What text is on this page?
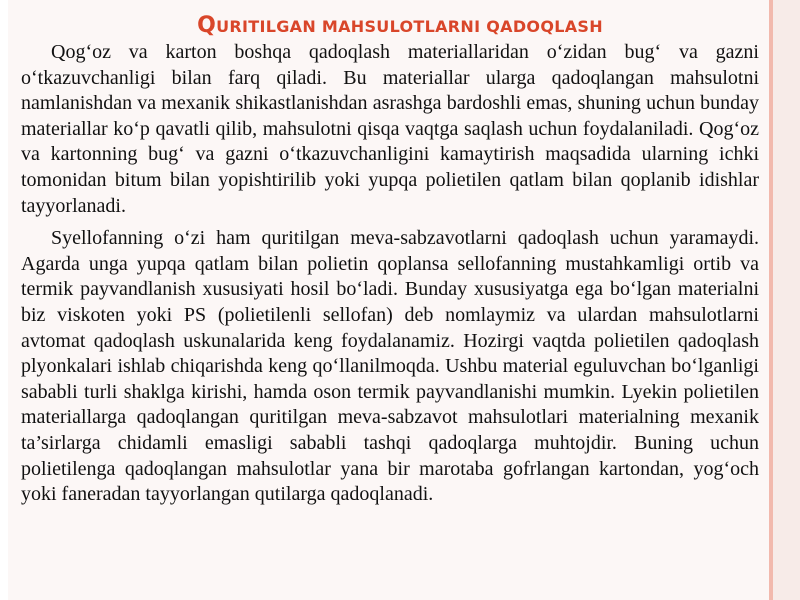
QURITILGAN MAHSULOTLARNI QADOQLASH

Qog‘oz va karton boshqa qadoqlash materiallaridan o‘zidan bug‘ va gazni o‘tkazuvchanligi bilan farq qiladi. Bu materiallar ularga qadoqlangan mahsulotni namlanishdan va mexanik shikastlanishdan asrashga bardoshli emas, shuning uchun bunday materiallar ko‘p qavatli qilib, mahsulotni qisqa vaqtga saqlash uchun foydalaniladi. Qog‘oz va kartonning bug‘ va gazni o‘tkazuvchanligini kamaytirish maqsadida ularning ichki tomonidan bitum bilan yopishtirilib yoki yupqa polietilen qatlam bilan qoplanib idishlar tayyorlanadi.

Syellofanning o‘zi ham quritilgan meva-sabzavotlarni qadoqlash uchun yaramaydi. Agarda unga yupqa qatlam bilan polietin qoplansa sellofanning mustahkamligi ortib va termik payvandlanish xususiyati hosil bo‘ladi. Bunday xususiyatga ega bo‘lgan materialni biz viskoten yoki PS (polietilenli sellofan) deb nomlaymiz va ulardan mahsulotlarni avtomat qadoqlash uskunalarida keng foydalanamiz. Hozirgi vaqtda polietilen qadoqlash plyonkalari ishlab chiqarishda keng qo‘llanilmoqda. Ushbu material eguluvchan bo‘lganligi sababli turli shaklga kirishi, hamda oson termik payvandlanishi mumkin. Lyekin polietilen materiallarga qadoqlangan quritilgan meva-sabzavot mahsulotlari materialning mexanik ta’sirlarga chidamli emasligi sababli tashqi qadoqlarga muhtojdir. Buning uchun polietilenga qadoqlangan mahsulotlar yana bir marotaba gofrlangan kartondan, yog‘och yoki faneradan tayyorlangan qutilarga qadoqlanadi.
